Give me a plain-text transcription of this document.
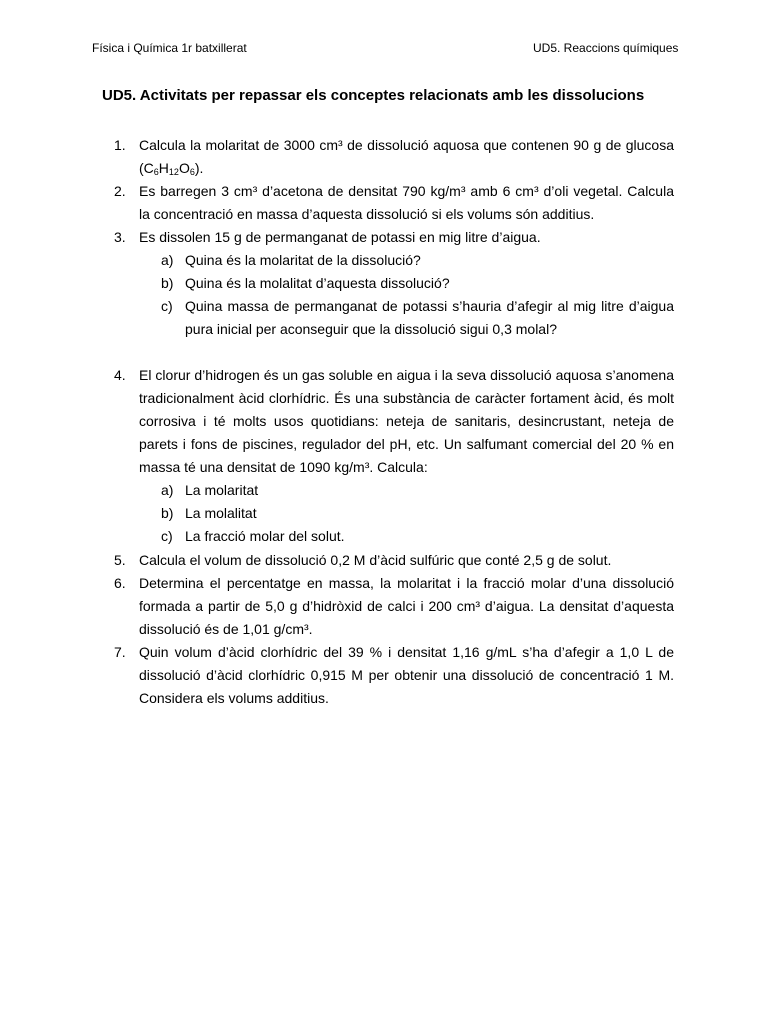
Física i Química 1r batxillerat	UD5. Reaccions químiques
UD5. Activitats per repassar els conceptes relacionats amb les dissolucions
1. Calcula la molaritat de 3000 cm³ de dissolució aquosa que contenen 90 g de glucosa $(C_6H_{12}O_6)$.
2. Es barregen 3 cm³ d’acetona de densitat 790 kg/m³ amb 6 cm³ d’oli vegetal. Calcula la concentració en massa d’aquesta dissolució si els volums són additius.
3. Es dissolen 15 g de permanganat de potassi en mig litre d’aigua.
a) Quina és la molaritat de la dissolució?
b) Quina és la molalitat d’aquesta dissolució?
c) Quina massa de permanganat de potassi s’hauria d’afegir al mig litre d’aigua pura inicial per aconseguir que la dissolució sigui 0,3 molal?
4. El clorur d’hidrogen és un gas soluble en aigua i la seva dissolució aquosa s’anomena tradicionalment àcid clorhídric. És una substància de caràcter fortament àcid, és molt corrosiva i té molts usos quotidians: neteja de sanitaris, desincrustant, neteja de parets i fons de piscines, regulador del pH, etc. Un salfumant comercial del 20 % en massa té una densitat de 1090 kg/m³. Calcula:
a) La molaritat
b) La molalitat
c) La fracció molar del solut.
5. Calcula el volum de dissolució 0,2 M d’àcid sulfúric que conté 2,5 g de solut.
6. Determina el percentatge en massa, la molaritat i la fracció molar d’una dissolució formada a partir de 5,0 g d’hidròxid de calci i 200 cm³ d’aigua. La densitat d’aquesta dissolució és de 1,01 g/cm³.
7. Quin volum d’àcid clorhídric del 39 % i densitat 1,16 g/mL s’ha d’afegir a 1,0 L de dissolució d’àcid clorhídric 0,915 M per obtenir una dissolució de concentració 1 M. Considera els volums additius.
